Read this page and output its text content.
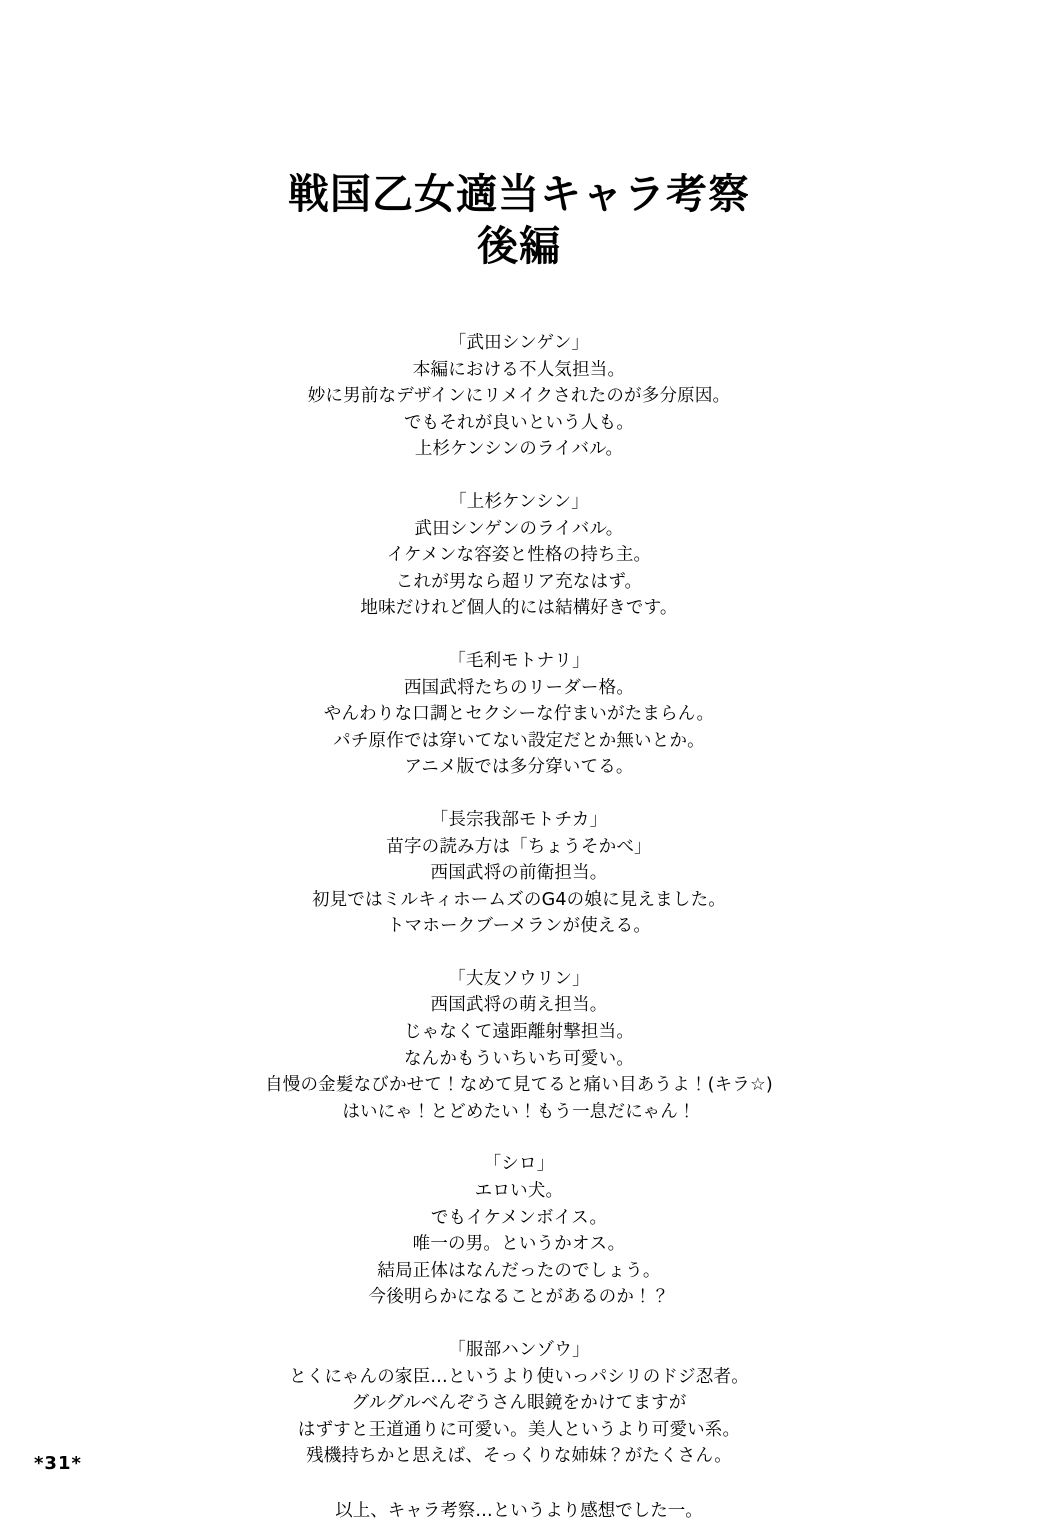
戦国乙女適当キャラ考察
後編

「武田シンゲン」

本編における不人気担当。

妙に男前なデザインにリメイクされたのが多分原因。

でもそれが良いという人も。

上杉ケンシンのライバル。

「上杉ケンシン」

武田シンゲンのライバル。

イケメンな容姿と性格の持ち主。

これが男なら超リア充なはず。

地味だけれど個人的には結構好きです。

「毛利モトナリ」

西国武将たちのリーダー格。

やんわりな口調とセクシーな佇まいがたまらん。

パチ原作では穿いてない設定だとか無いとか。

アニメ版では多分穿いてる。

「長宗我部モトチカ」

苗字の読み方は「ちょうそかべ」

西国武将の前衛担当。

初見ではミルキィホームズのG4の娘に見えました。

トマホークブーメランが使える。

「大友ソウリン」

西国武将の萌え担当。

じゃなくて遠距離射撃担当。

なんかもういちいち可愛い。

自慢の金髪なびかせて！なめて見てると痛い目あうよ！(キラ☆)

はいにゃ！とどめたい！もう一息だにゃん！

「シロ」

エロい犬。

でもイケメンボイス。

唯一の男。というかオス。

結局正体はなんだったのでしょう。

今後明らかになることがあるのか！？

「服部ハンゾウ」

とくにゃんの家臣…というより使いっパシリのドジ忍者。

グルグルべんぞうさん眼鏡をかけてますが

はずすと王道通りに可愛い。美人というより可愛い系。

残機持ちかと思えば、そっくりな姉妹？がたくさん。

以上、キャラ考察…というより感想でした一。

*31*
